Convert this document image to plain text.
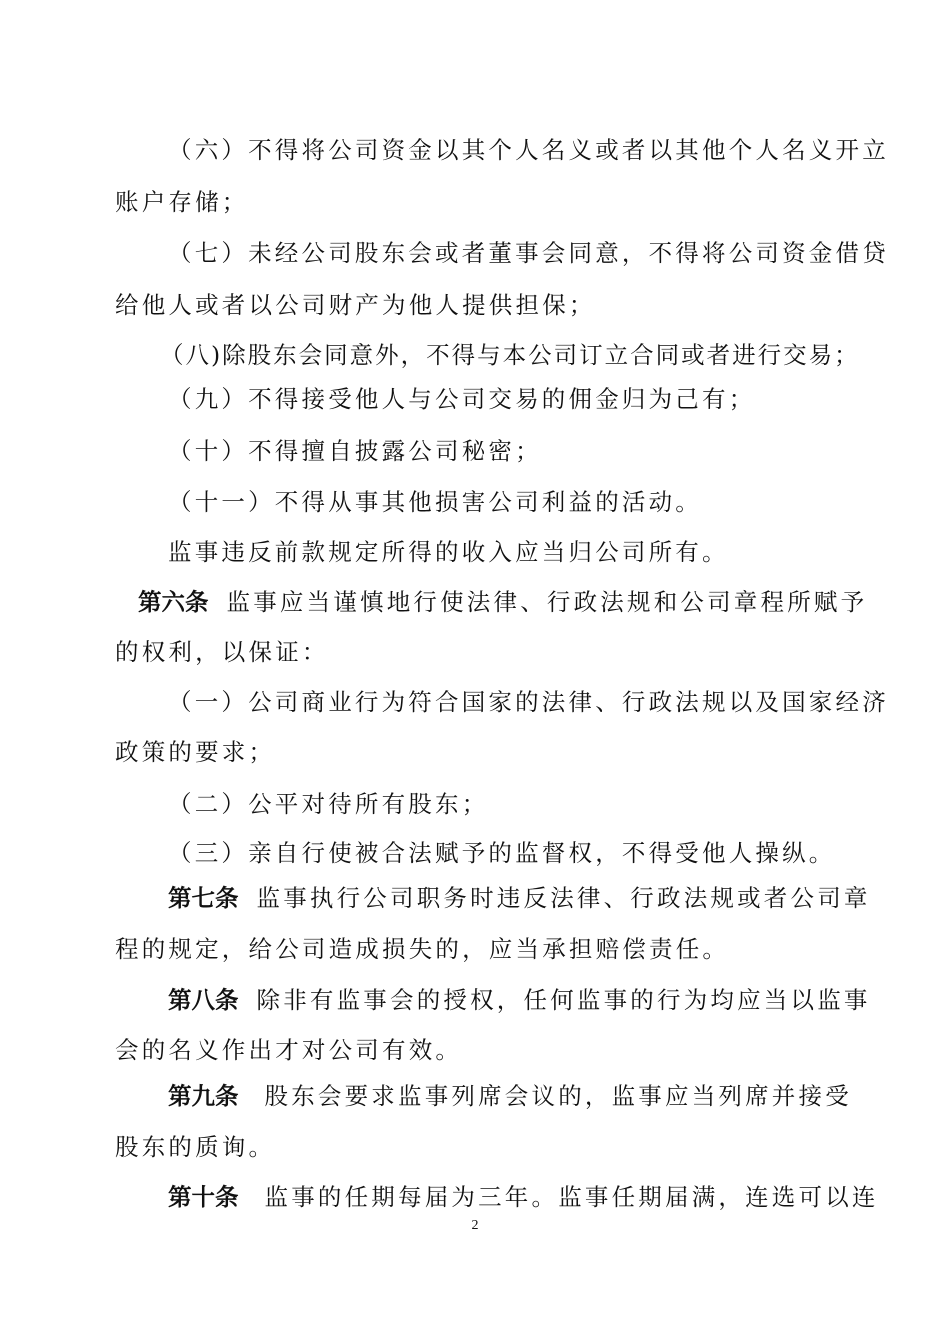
（六）不得将公司资金以其个人名义或者以其他个人名义开立
账户存储；
（七）未经公司股东会或者董事会同意，不得将公司资金借贷
给他人或者以公司财产为他人提供担保；
（八)除股东会同意外，不得与本公司订立合同或者进行交易；
（九）不得接受他人与公司交易的佣金归为己有；
（十）不得擅自披露公司秘密；
（十一）不得从事其他损害公司利益的活动。
监事违反前款规定所得的收入应当归公司所有。
第六条 监事应当谨慎地行使法律、行政法规和公司章程所赋予
的权利，以保证：
（一）公司商业行为符合国家的法律、行政法规以及国家经济
政策的要求；
（二）公平对待所有股东；
（三）亲自行使被合法赋予的监督权，不得受他人操纵。
第七条 监事执行公司职务时违反法律、行政法规或者公司章
程的规定，给公司造成损失的，应当承担赔偿责任。
第八条 除非有监事会的授权，任何监事的行为均应当以监事
会的名义作出才对公司有效。
第九条 股东会要求监事列席会议的，监事应当列席并接受
股东的质询。
第十条 监事的任期每届为三年。监事任期届满，连选可以连
2
